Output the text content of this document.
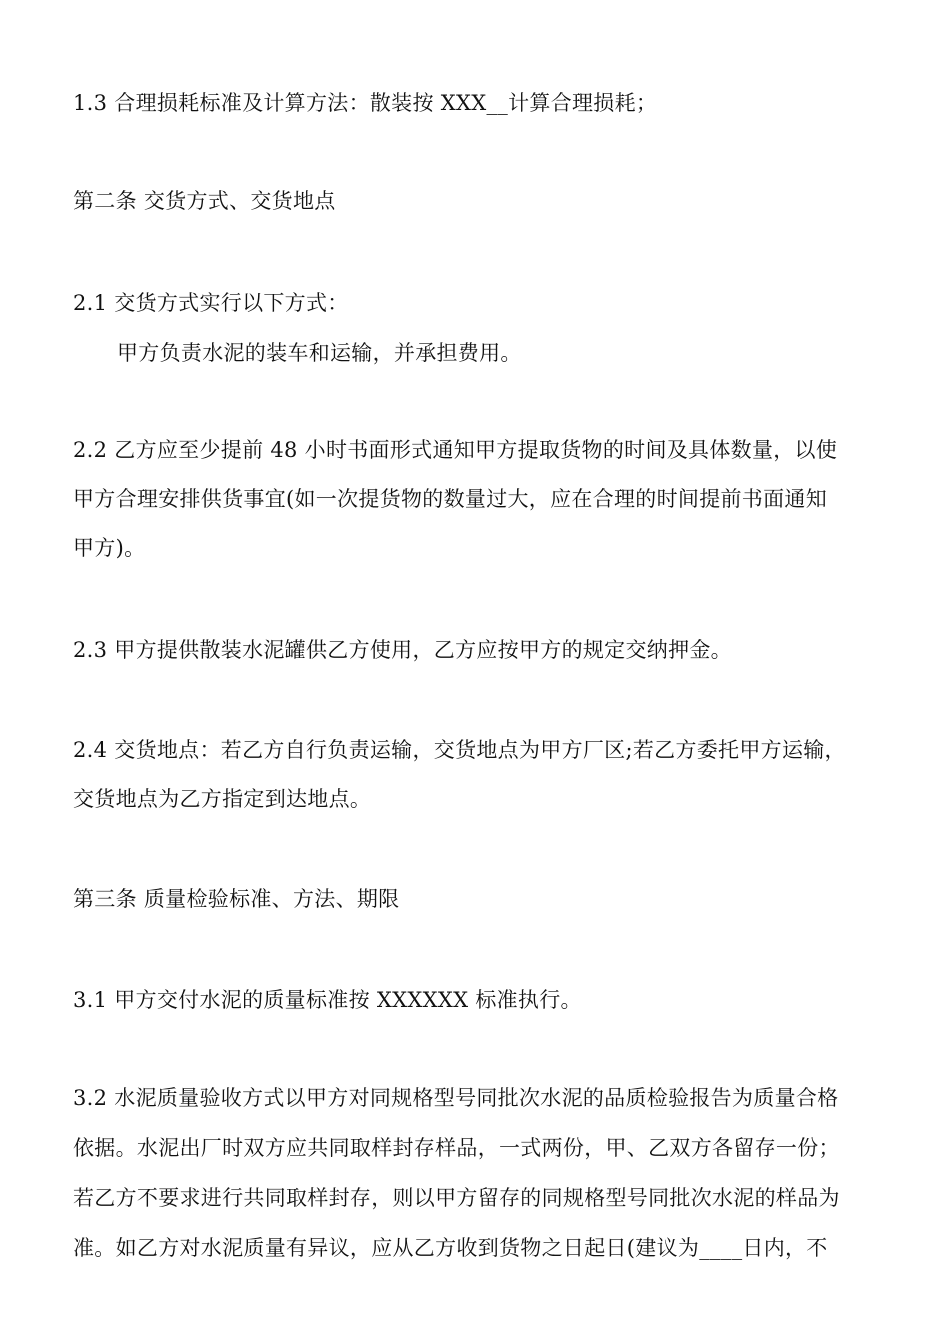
1.3 合理损耗标准及计算方法：散装按 XXX__计算合理损耗；

第二条 交货方式、交货地点

2.1 交货方式实行以下方式：

甲方负责水泥的装车和运输，并承担费用。

2.2 乙方应至少提前 48 小时书面形式通知甲方提取货物的时间及具体数量，以使

甲方合理安排供货事宜(如一次提货物的数量过大，应在合理的时间提前书面通知

甲方)。

2.3 甲方提供散装水泥罐供乙方使用，乙方应按甲方的规定交纳押金。

2.4 交货地点：若乙方自行负责运输，交货地点为甲方厂区;若乙方委托甲方运输，

交货地点为乙方指定到达地点。

第三条 质量检验标准、方法、期限

3.1 甲方交付水泥的质量标准按 XXXXXX 标准执行。

3.2 水泥质量验收方式以甲方对同规格型号同批次水泥的品质检验报告为质量合格

依据。水泥出厂时双方应共同取样封存样品，一式两份，甲、乙双方各留存一份；

若乙方不要求进行共同取样封存，则以甲方留存的同规格型号同批次水泥的样品为

准。如乙方对水泥质量有异议，应从乙方收到货物之日起日(建议为____日内，不
